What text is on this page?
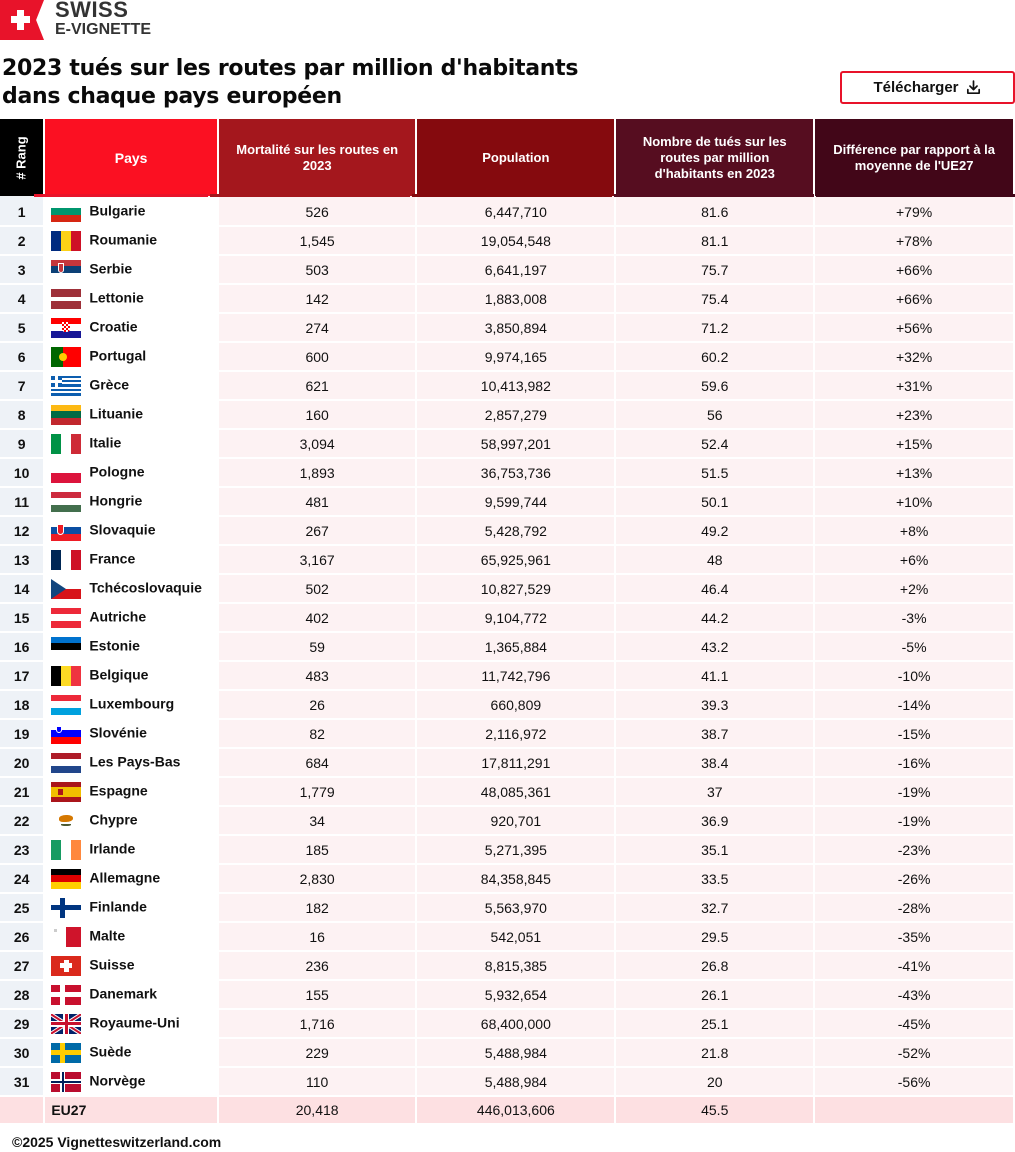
SWISS
E-VIGNETTE
2023 tués sur les routes par million d'habitants
dans chaque pays européen	Télécharger
# Rang	Pays	Mortalité sur les routes en 2023	Population	Nombre de tués sur les routes par million d'habitants en 2023	Différence par rapport à la moyenne de l'UE27
1	Bulgarie	526	6,447,710	81.6	+79%
2	Roumanie	1,545	19,054,548	81.1	+78%
3	Serbie	503	6,641,197	75.7	+66%
4	Lettonie	142	1,883,008	75.4	+66%
5	Croatie	274	3,850,894	71.2	+56%
6	Portugal	600	9,974,165	60.2	+32%
7	Grèce	621	10,413,982	59.6	+31%
8	Lituanie	160	2,857,279	56	+23%
9	Italie	3,094	58,997,201	52.4	+15%
10	Pologne	1,893	36,753,736	51.5	+13%
11	Hongrie	481	9,599,744	50.1	+10%
12	Slovaquie	267	5,428,792	49.2	+8%
13	France	3,167	65,925,961	48	+6%
14	Tchécoslovaquie	502	10,827,529	46.4	+2%
15	Autriche	402	9,104,772	44.2	-3%
16	Estonie	59	1,365,884	43.2	-5%
17	Belgique	483	11,742,796	41.1	-10%
18	Luxembourg	26	660,809	39.3	-14%
19	Slovénie	82	2,116,972	38.7	-15%
20	Les Pays-Bas	684	17,811,291	38.4	-16%
21	Espagne	1,779	48,085,361	37	-19%
22	Chypre	34	920,701	36.9	-19%
23	Irlande	185	5,271,395	35.1	-23%
24	Allemagne	2,830	84,358,845	33.5	-26%
25	Finlande	182	5,563,970	32.7	-28%
26	Malte	16	542,051	29.5	-35%
27	Suisse	236	8,815,385	26.8	-41%
28	Danemark	155	5,932,654	26.1	-43%
29	Royaume-Uni	1,716	68,400,000	25.1	-45%
30	Suède	229	5,488,984	21.8	-52%
31	Norvège	110	5,488,984	20	-56%
	EU27	20,418	446,013,606	45.5	
©2025 Vignetteswitzerland.com
